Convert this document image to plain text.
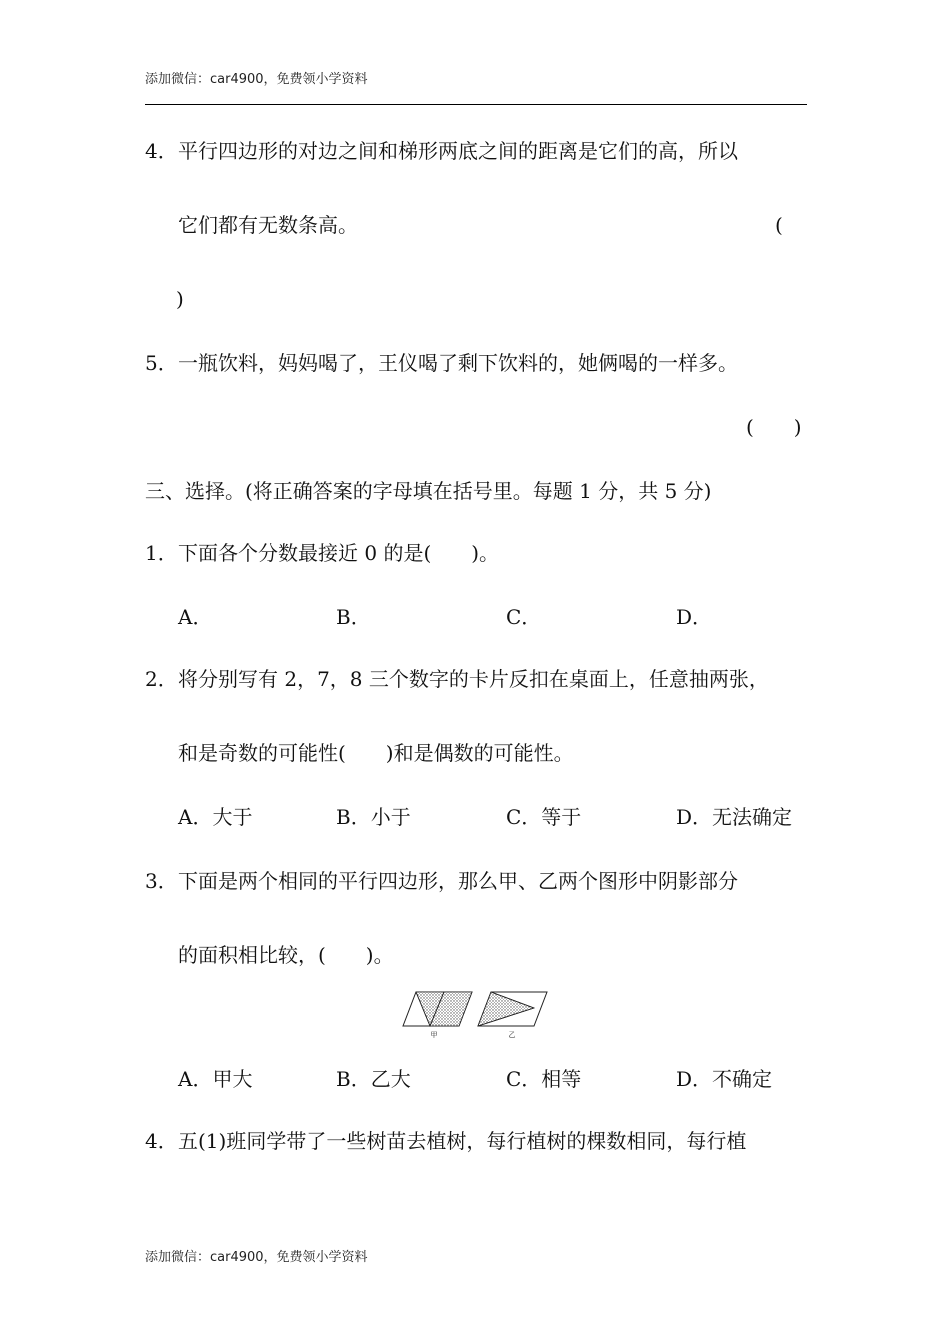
添加微信：car4900，免费领小学资料
4． 平行四边形的对边之间和梯形两底之间的距离是它们的高，所以
它们都有无数条高。	(
)
5． 一瓶饮料，妈妈喝了，王仪喝了剩下饮料的，她俩喝的一样多。
(　　)
三、选择。(将正确答案的字母填在括号里。每题 1 分，共 5 分)
1． 下面各个分数最接近 0 的是(　　)。
A．	B．	C．	D．
2． 将分别写有 2，7，8 三个数字的卡片反扣在桌面上，任意抽两张，
和是奇数的可能性(　　)和是偶数的可能性。
A．大于	B．小于	C．等于	D．无法确定
3． 下面是两个相同的平行四边形，那么甲、乙两个图形中阴影部分
的面积相比较，(　　)。
甲	乙
A．甲大	B．乙大	C．相等	D．不确定
4． 五(1)班同学带了一些树苗去植树，每行植树的棵数相同，每行植
添加微信：car4900，免费领小学资料
